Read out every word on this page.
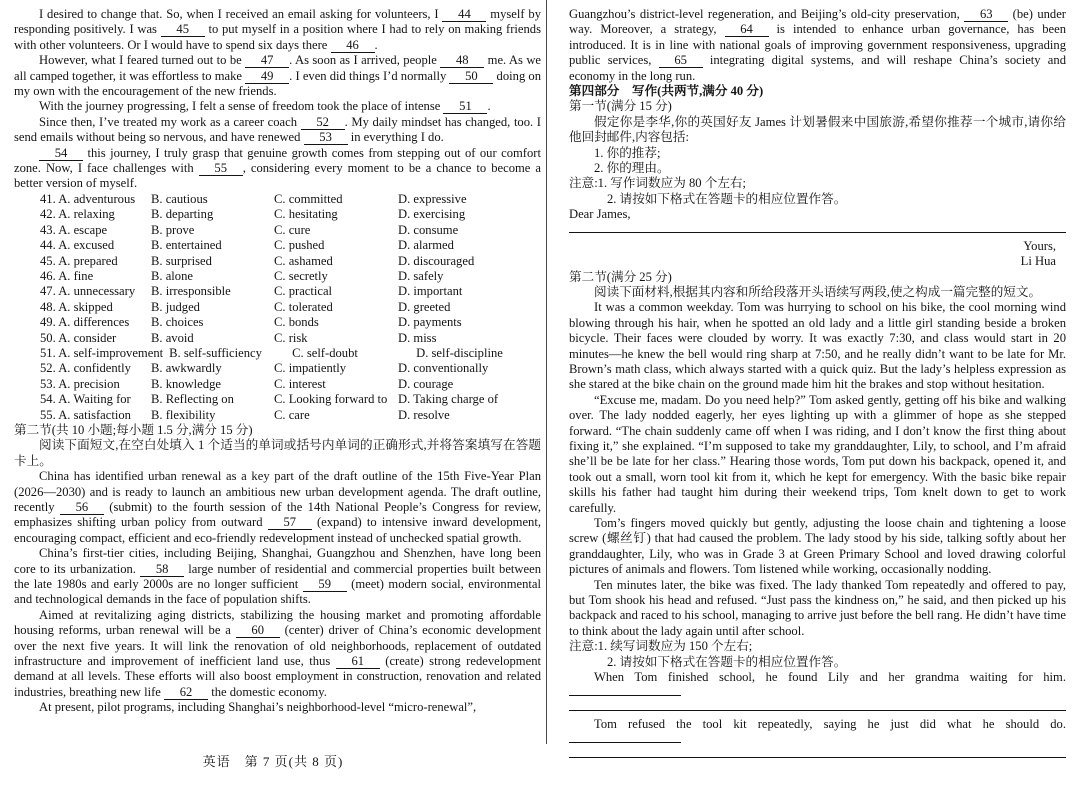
I desired to change that. So, when I received an email asking for volunteers, I 44 myself by responding positively. I was 45 to put myself in a position where I had to rely on making friends with other volunteers. Or I would have to spend six days there 46 .

However, what I feared turned out to be 47 . As soon as I arrived, people 48 me. As we all camped together, it was effortless to make 49 . I even did things I’d normally 50 doing on my own with the encouragement of the new friends.

With the journey progressing, I felt a sense of freedom took the place of intense 51 .

Since then, I’ve treated my work as a career coach 52 . My daily mindset has changed, too. I send emails without being so nervous, and have renewed 53 in everything I do.

54 this journey, I truly grasp that genuine growth comes from stepping out of our comfort zone. Now, I face challenges with 55 , considering every moment to be a chance to become a better version of myself.

41. A. adventurous	B. cautious	C. committed	D. expressive
42. A. relaxing	B. departing	C. hesitating	D. exercising
43. A. escape	B. prove	C. cure	D. consume
44. A. excused	B. entertained	C. pushed	D. alarmed
45. A. prepared	B. surprised	C. ashamed	D. discouraged
46. A. fine	B. alone	C. secretly	D. safely
47. A. unnecessary	B. irresponsible	C. practical	D. important
48. A. skipped	B. judged	C. tolerated	D. greeted
49. A. differences	B. choices	C. bonds	D. payments
50. A. consider	B. avoid	C. risk	D. miss
51. A. self-improvement B. self-sufficiency	C. self-doubt	D. self-discipline
52. A. confidently	B. awkwardly	C. impatiently	D. conventionally
53. A. precision	B. knowledge	C. interest	D. courage
54. A. Waiting for	B. Reflecting on	C. Looking forward to D. Taking charge of
55. A. satisfaction	B. flexibility	C. care	D. resolve

第二节(共 10 小题;每小题 1.5 分,满分 15 分)

阅读下面短文,在空白处填入 1 个适当的单词或括号内单词的正确形式,并将答案填写在答题卡上。

China has identified urban renewal as a key part of the draft outline of the 15th Five-Year Plan (2026—2030) and is ready to launch an ambitious new urban development agenda. The draft outline, recently 56 (submit) to the fourth session of the 14th National People’s Congress for review, emphasizes shifting urban policy from outward 57 (expand) to intensive inward development, encouraging compact, efficient and eco-friendly redevelopment instead of unchecked spatial growth.

China’s first-tier cities, including Beijing, Shanghai, Guangzhou and Shenzhen, have long been core to its urbanization. 58 large number of residential and commercial properties built between the late 1980s and early 2000s are no longer sufficient 59 (meet) modern social, environmental and technological demands in the face of population shifts.

Aimed at revitalizing aging districts, stabilizing the housing market and promoting affordable housing reforms, urban renewal will be a 60 (center) driver of China’s economic development over the next five years. It will link the renovation of old neighborhoods, replacement of outdated infrastructure and improvement of inefficient land use, thus 61 (create) strong redevelopment demand at all levels. These efforts will also boost employment in construction, renovation and related industries, breathing new life 62 the domestic economy.

At present, pilot programs, including Shanghai’s neighborhood-level “micro-renewal”,

Guangzhou’s district-level regeneration, and Beijing’s old-city preservation, 63 (be) under way. Moreover, a strategy, 64 is intended to enhance urban governance, has been introduced. It is in line with national goals of improving government responsiveness, upgrading public services, 65 integrating digital systems, and will reshape China’s society and economy in the long run.

第四部分　写作(共两节,满分 40 分)

第一节(满分 15 分)

假定你是李华,你的英国好友 James 计划暑假来中国旅游,希望你推荐一个城市,请你给他回封邮件,内容包括:

1. 你的推荐;

2. 你的理由。

注意:1. 写作词数应为 80 个左右;

2. 请按如下格式在答题卡的相应位置作答。

Dear James,

Yours,

Li Hua

第二节(满分 25 分)

阅读下面材料,根据其内容和所给段落开头语续写两段,使之构成一篇完整的短文。

It was a common weekday. Tom was hurrying to school on his bike, the cool morning wind blowing through his hair, when he spotted an old lady and a little girl standing beside a broken bicycle. Their faces were clouded by worry. It was exactly 7:30, and class would start in 20 minutes—he knew the bell would ring sharp at 7:50, and he really didn’t want to be late for Mr. Brown’s math class, which always started with a quick quiz. But the lady’s helpless expression as she stared at the bike chain on the ground made him hit the brakes and stop without hesitation.

“Excuse me, madam. Do you need help?” Tom asked gently, getting off his bike and walking over. The lady nodded eagerly, her eyes lighting up with a glimmer of hope as she stepped forward. “The chain suddenly came off when I was riding, and I don’t know the first thing about fixing it,” she explained. “I’m supposed to take my granddaughter, Lily, to school, and I’m afraid she’ll be be late for her class.” Hearing those words, Tom put down his backpack, opened it, and took out a small, worn tool kit from it, which he kept for emergency. With the basic bike repair skills his father had taught him during their weekend trips, Tom knelt down to get to work carefully.

Tom’s fingers moved quickly but gently, adjusting the loose chain and tightening a loose screw (螺丝钉) that had caused the problem. The lady stood by his side, talking softly about her granddaughter, Lily, who was in Grade 3 at Green Primary School and loved drawing colorful pictures of animals and flowers. Tom listened while working, occasionally nodding.

Ten minutes later, the bike was fixed. The lady thanked Tom repeatedly and offered to pay, but Tom shook his head and refused. “Just pass the kindness on,” he said, and then picked up his backpack and raced to his school, managing to arrive just before the bell rang. He didn’t have time to think about the lady again until after school.

注意:1. 续写词数应为 150 个左右;

2. 请按如下格式在答题卡的相应位置作答。

When Tom finished school, he found Lily and her grandma waiting for him.

Tom refused the tool kit repeatedly, saying he just did what he should do.

英语　第 7 页(共 8 页)
